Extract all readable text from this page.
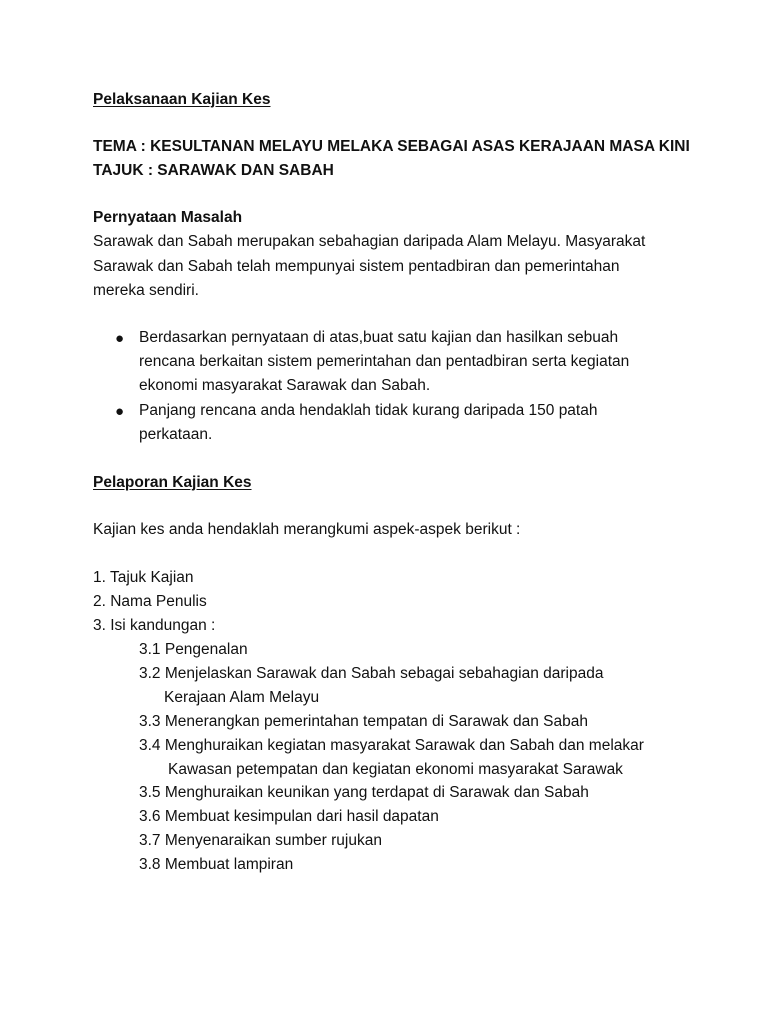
Pelaksanaan Kajian Kes
TEMA : KESULTANAN MELAYU MELAKA SEBAGAI ASAS KERAJAAN MASA KINI
TAJUK : SARAWAK DAN SABAH
Pernyataan Masalah
Sarawak dan Sabah merupakan sebahagian daripada Alam Melayu. Masyarakat
Sarawak dan Sabah telah mempunyai sistem pentadbiran dan pemerintahan
mereka sendiri.
● Berdasarkan pernyataan di atas,buat satu kajian dan hasilkan sebuah
rencana berkaitan sistem pemerintahan dan pentadbiran serta kegiatan
ekonomi masyarakat Sarawak dan Sabah.
● Panjang rencana anda hendaklah tidak kurang daripada 150 patah
perkataan.
Pelaporan Kajian Kes
Kajian kes anda hendaklah merangkumi aspek-aspek berikut :
1. Tajuk Kajian
2. Nama Penulis
3. Isi kandungan :
3.1 Pengenalan
3.2 Menjelaskan Sarawak dan Sabah sebagai sebahagian daripada
Kerajaan Alam Melayu
3.3 Menerangkan pemerintahan tempatan di Sarawak dan Sabah
3.4 Menghuraikan kegiatan masyarakat Sarawak dan Sabah dan melakar
Kawasan petempatan dan kegiatan ekonomi masyarakat Sarawak
3.5 Menghuraikan keunikan yang terdapat di Sarawak dan Sabah
3.6 Membuat kesimpulan dari hasil dapatan
3.7 Menyenaraikan sumber rujukan
3.8 Membuat lampiran
